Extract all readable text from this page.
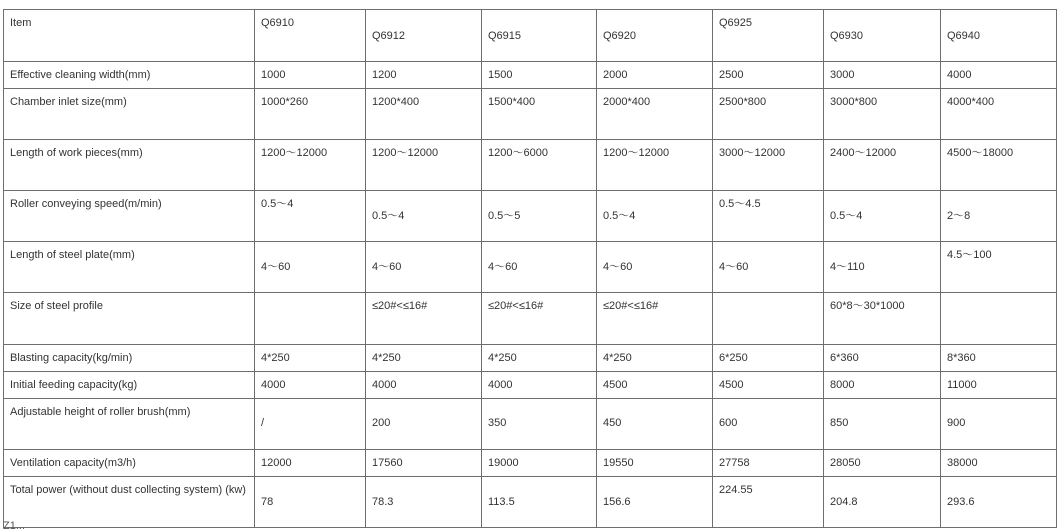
Item	Q6910	Q6912	Q6915	Q6920	Q6925	Q6930	Q6940
Effective cleaning width(mm)	1000	1200	1500	2000	2500	3000	4000
Chamber inlet size(mm)	1000*260	1200*400	1500*400	2000*400	2500*800	3000*800	4000*400
Length of work pieces(mm)	1200～12000	1200～12000	1200～6000	1200～12000	3000～12000	2400～12000	4500～18000
Roller conveying speed(m/min)	0.5～4	0.5～4	0.5～5	0.5～4	0.5～4.5	0.5～4	2～8
Length of steel plate(mm)	4～60	4～60	4～60	4～60	4～60	4～110	4.5～100
Size of steel profile		≤20#<≤16#	≤20#<≤16#	≤20#<≤16#		60*8～30*1000	
Blasting capacity(kg/min)	4*250	4*250	4*250	4*250	6*250	6*360	8*360
Initial feeding capacity(kg)	4000	4000	4000	4500	4500	8000	11000
Adjustable height of roller brush(mm)	/	200	350	450	600	850	900
Ventilation capacity(m3/h)	12000	17560	19000	19550	27758	28050	38000
Total power (without dust collecting system) (kw)	78	78.3	113.5	156.6	224.55	204.8	293.6
Z1...
